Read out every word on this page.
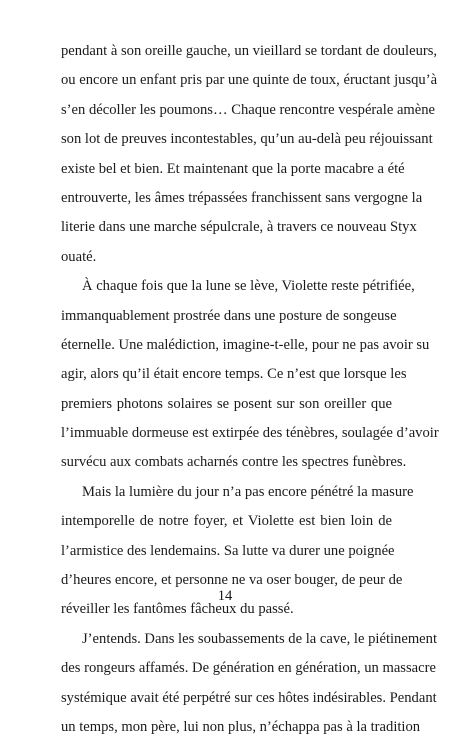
pendant à son oreille gauche, un vieillard se tordant de douleurs,
ou encore un enfant pris par une quinte de toux, éructant jusqu’à
s’en décoller les poumons… Chaque rencontre vespérale amène
son lot de preuves incontestables, qu’un au-delà peu réjouissant
existe bel et bien. Et maintenant que la porte macabre a été
entrouverte, les âmes trépassées franchissent sans vergogne la
literie dans une marche sépulcrale, à travers ce nouveau Styx
ouaté.
À chaque fois que la lune se lève, Violette reste pétrifiée,
immanquablement prostrée dans une posture de songeuse
éternelle. Une malédiction, imagine-t-elle, pour ne pas avoir su
agir, alors qu’il était encore temps. Ce n’est que lorsque les
premiers photons solaires se posent sur son oreiller que
l’immuable dormeuse est extirpée des ténèbres, soulagée d’avoir
survécu aux combats acharnés contre les spectres funèbres.
Mais la lumière du jour n’a pas encore pénétré la masure
intemporelle de notre foyer, et Violette est bien loin de
l’armistice des lendemains. Sa lutte va durer une poignée
d’heures encore, et personne ne va oser bouger, de peur de
réveiller les fantômes fâcheux du passé.
J’entends. Dans les soubassements de la cave, le piétinement
des rongeurs affamés. De génération en génération, un massacre
systémique avait été perpétré sur ces hôtes indésirables. Pendant
un temps, mon père, lui non plus, n’échappa pas à la tradition
14
